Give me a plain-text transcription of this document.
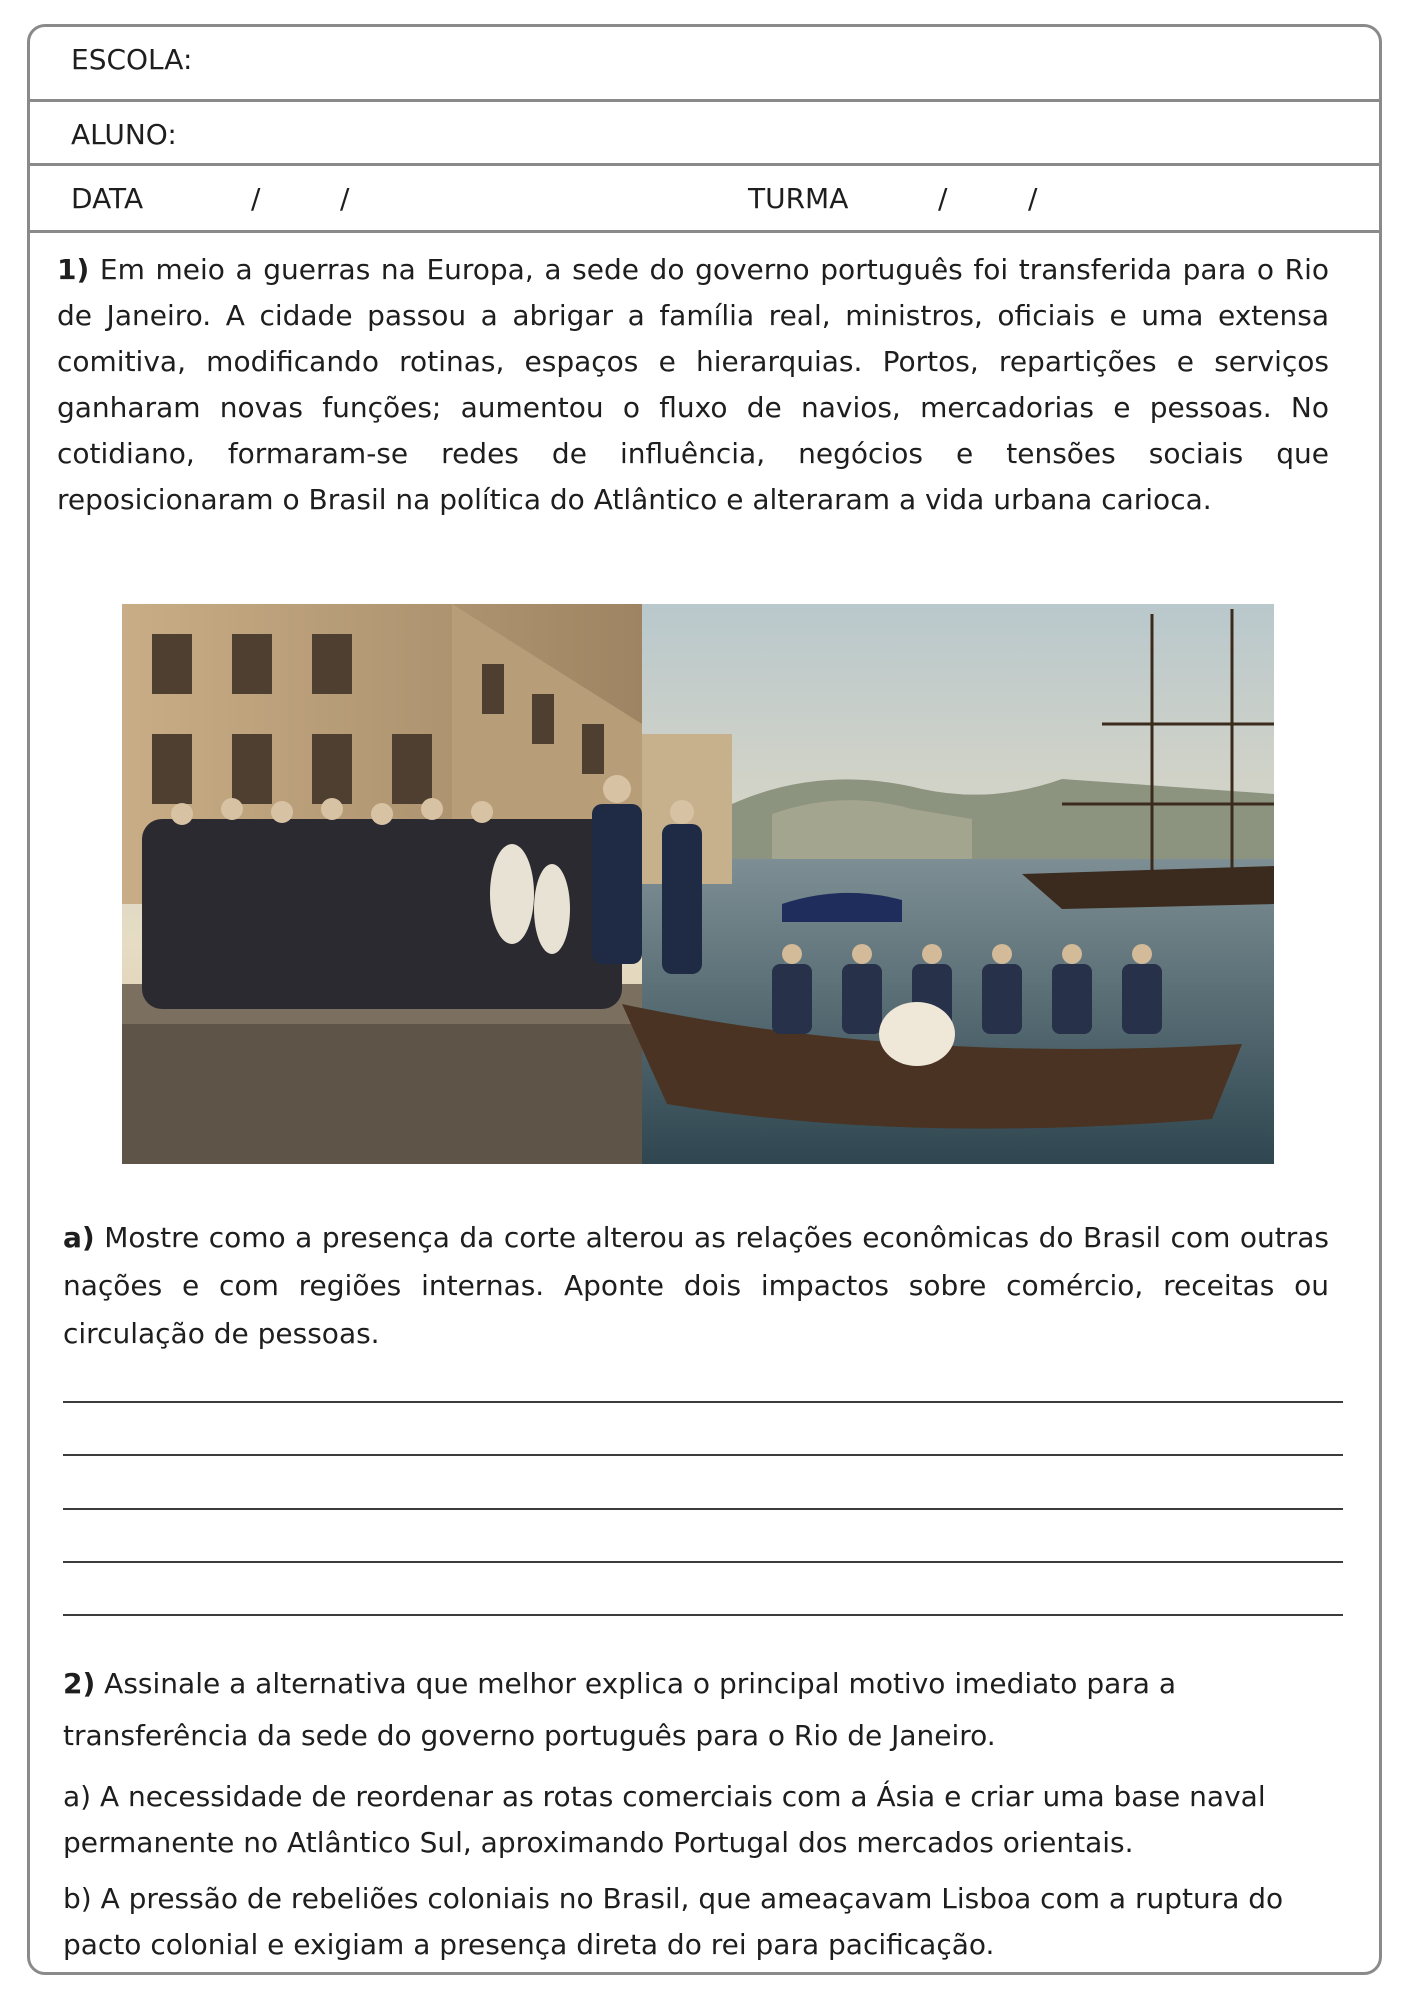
ESCOLA:
ALUNO:
DATA	/	/	TURMA	/	/

1) Em meio a guerras na Europa, a sede do governo português foi transferida para o Rio de Janeiro. A cidade passou a abrigar a família real, ministros, oficiais e uma extensa comitiva, modificando rotinas, espaços e hierarquias. Portos, repartições e serviços ganharam novas funções; aumentou o fluxo de navios, mercadorias e pessoas. No cotidiano, formaram-se redes de influência, negócios e tensões sociais que reposicionaram o Brasil na política do Atlântico e alteraram a vida urbana carioca.

a) Mostre como a presença da corte alterou as relações econômicas do Brasil com outras nações e com regiões internas. Aponte dois impactos sobre comércio, receitas ou circulação de pessoas.

2) Assinale a alternativa que melhor explica o principal motivo imediato para a transferência da sede do governo português para o Rio de Janeiro.

a) A necessidade de reordenar as rotas comerciais com a Ásia e criar uma base naval permanente no Atlântico Sul, aproximando Portugal dos mercados orientais.

b) A pressão de rebeliões coloniais no Brasil, que ameaçavam Lisboa com a ruptura do pacto colonial e exigiam a presença direta do rei para pacificação.
